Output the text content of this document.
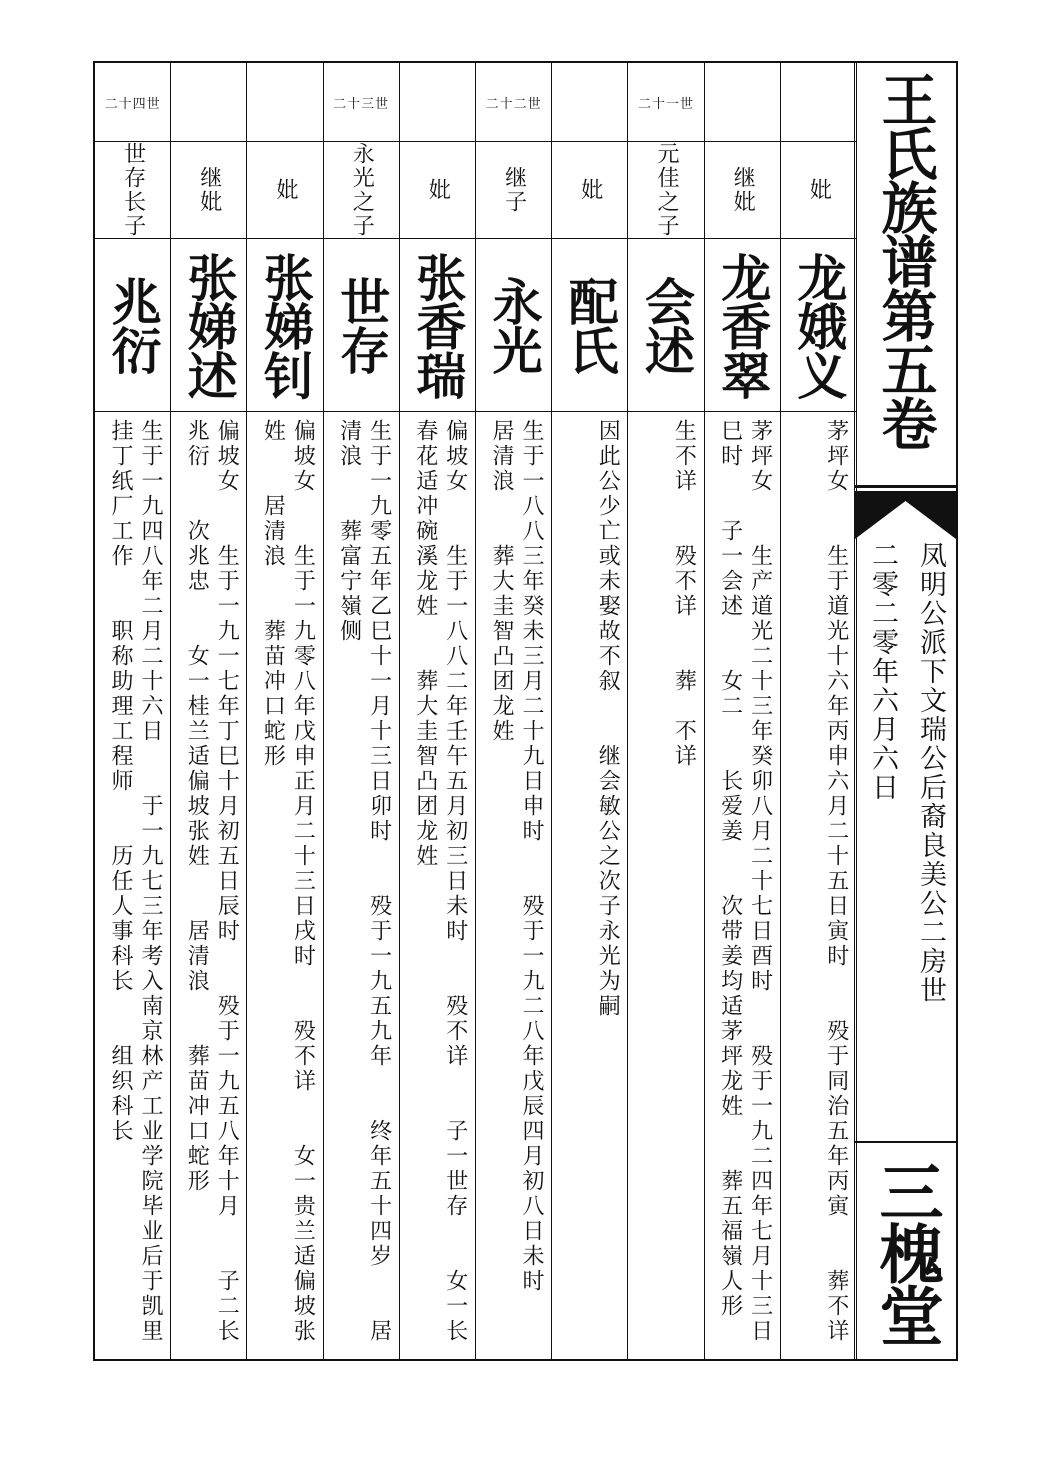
妣
龙娥义
茅坪女　　生于道光十六年丙申六月二十五日寅时　　殁于同治五年丙寅　　葬不详
继妣
龙香翠
茅坪女　　生产道光二十三年癸卯八月二十七日酉时　　殁于一九二四年七月十三日巳时　　子一会述　　女二　　长爱姜　　次带姜均适茅坪龙姓　　葬五福嶺人形
二十一世
元佳之子
会述
生不详　　殁不详　　葬　不详
妣
配氏
因此公少亡或未娶故不叙　　继会敏公之次子永光为嗣
二十二世
继子
永光
生于一八八三年癸未三月二十九日申时　　殁于一九二八年戊辰四月初八日未时　　居清浪　　葬大圭智凸团龙姓
妣
张香瑞
偏坡女　　生于一八八二年壬午五月初三日未时　　殁不详　　子一世存　　女一长春花适冲碗溪龙姓　　葬大圭智凸团龙姓
二十三世
永光之子
世存
生于一九零五年乙巳十一月十三日卯时　　殁于一九五九年　　终年五十四岁　　居清浪　　葬富宁嶺侧
妣
张娣钊
偏坡女　　生于一九零八年戊申正月二十三日戌时　　殁不详　　女一贵兰适偏坡张姓　　居清浪　　葬苗冲口蛇形
继妣
张娣述
偏坡女　　生于一九一七年丁巳十月初五日辰时　　殁于一九五八年十月　　子二长兆衍　　次兆忠　　女一桂兰适偏坡张姓　　居清浪　　葬苗冲口蛇形
二十四世
世存长子
兆衍
生于一九四八年二月二十六日　　于一九七三年考入南京林产工业学院毕业后于凯里挂丁纸厂工作　　职称助理工程师　　历任人事科长　　组织科长
王氏族谱第五卷
凤明公派下文瑞公后裔良美公二房世
二零二零年六月六日
三槐堂
